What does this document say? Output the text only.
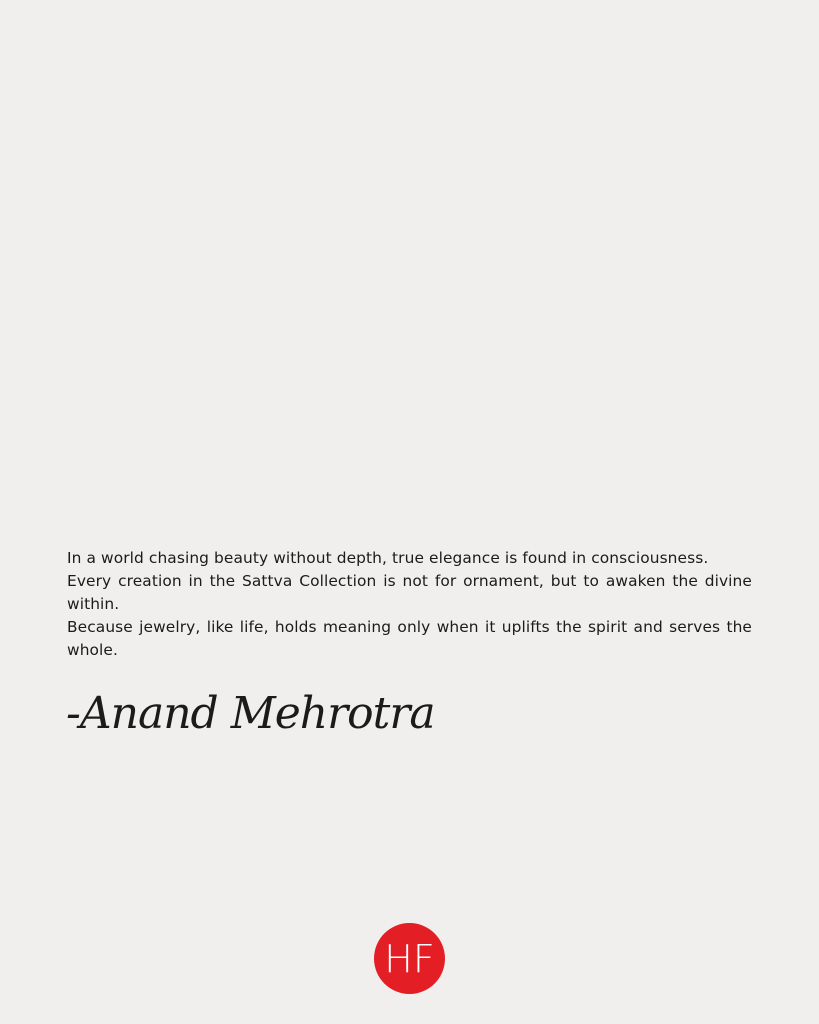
In a world chasing beauty without depth, true elegance is found in consciousness.

Every creation in the Sattva Collection is not for ornament, but to awaken the divine within.

Because jewelry, like life, holds meaning only when it uplifts the spirit and serves the whole.

-Anand Mehrotra
HF
